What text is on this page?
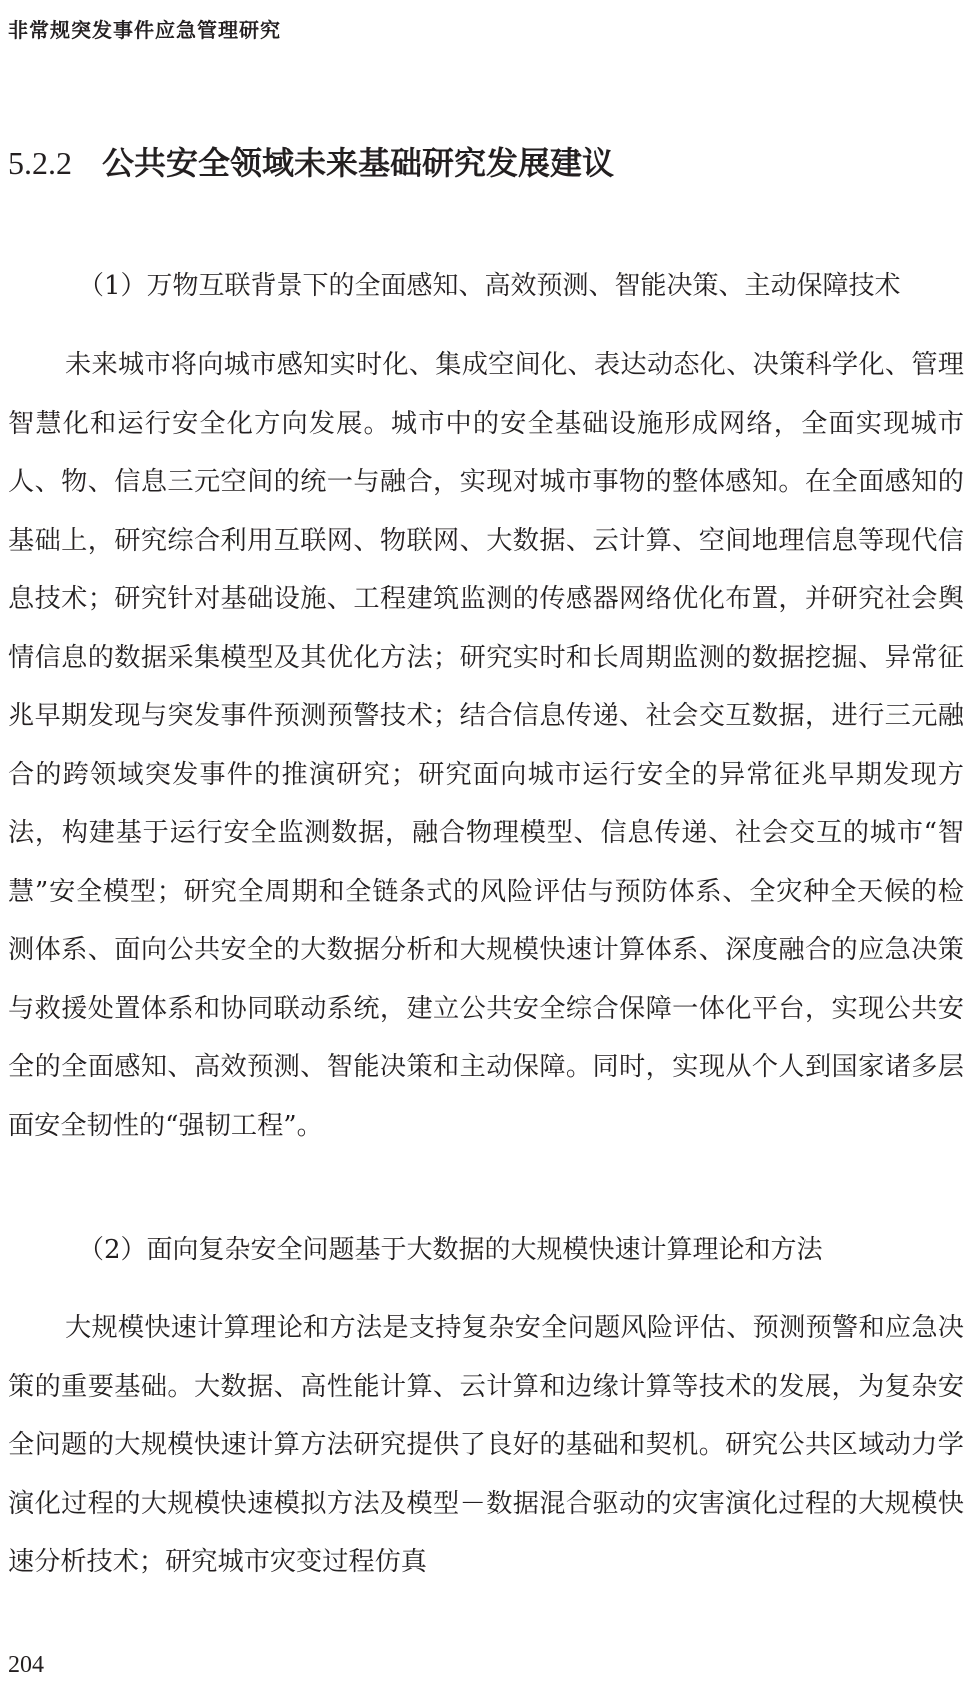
非常规突发事件应急管理研究
5.2.2 公共安全领域未来基础研究发展建议
（1）万物互联背景下的全面感知、高效预测、智能决策、主动保障技术

未来城市将向城市感知实时化、集成空间化、表达动态化、决策科学化、管理智慧化和运行安全化方向发展。城市中的安全基础设施形成网络，全面实现城市人、物、信息三元空间的统一与融合，实现对城市事物的整体感知。在全面感知的基础上，研究综合利用互联网、物联网、大数据、云计算、空间地理信息等现代信息技术；研究针对基础设施、工程建筑监测的传感器网络优化布置，并研究社会舆情信息的数据采集模型及其优化方法；研究实时和长周期监测的数据挖掘、异常征兆早期发现与突发事件预测预警技术；结合信息传递、社会交互数据，进行三元融合的跨领域突发事件的推演研究；研究面向城市运行安全的异常征兆早期发现方法，构建基于运行安全监测数据，融合物理模型、信息传递、社会交互的城市“智慧”安全模型；研究全周期和全链条式的风险评估与预防体系、全灾种全天候的检测体系、面向公共安全的大数据分析和大规模快速计算体系、深度融合的应急决策与救援处置体系和协同联动系统，建立公共安全综合保障一体化平台，实现公共安全的全面感知、高效预测、智能决策和主动保障。同时，实现从个人到国家诸多层面安全韧性的“强韧工程”。

（2）面向复杂安全问题基于大数据的大规模快速计算理论和方法

大规模快速计算理论和方法是支持复杂安全问题风险评估、预测预警和应急决策的重要基础。大数据、高性能计算、云计算和边缘计算等技术的发展，为复杂安全问题的大规模快速计算方法研究提供了良好的基础和契机。研究公共区域动力学演化过程的大规模快速模拟方法及模型－数据混合驱动的灾害演化过程的大规模快速分析技术；研究城市灾变过程仿真

204
